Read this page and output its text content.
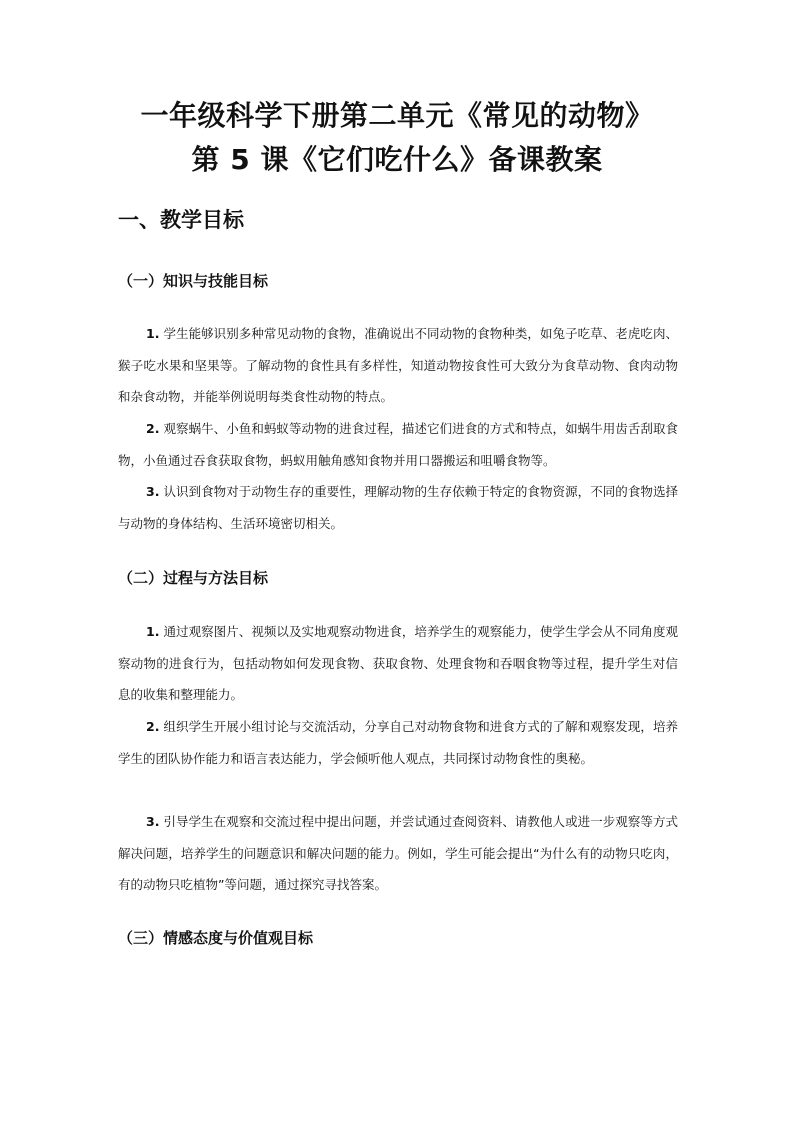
一年级科学下册第二单元《常见的动物》
第 5 课《它们吃什么》备课教案
一、教学目标
（一）知识与技能目标

1. 学生能够识别多种常见动物的食物，准确说出不同动物的食物种类，如兔子吃草、老虎吃肉、猴子吃水果和坚果等。了解动物的食性具有多样性，知道动物按食性可大致分为食草动物、食肉动物和杂食动物，并能举例说明每类食性动物的特点。

2. 观察蜗牛、小鱼和蚂蚁等动物的进食过程，描述它们进食的方式和特点，如蜗牛用齿舌刮取食物，小鱼通过吞食获取食物，蚂蚁用触角感知食物并用口器搬运和咀嚼食物等。

3. 认识到食物对于动物生存的重要性，理解动物的生存依赖于特定的食物资源，不同的食物选择与动物的身体结构、生活环境密切相关。

（二）过程与方法目标

1. 通过观察图片、视频以及实地观察动物进食，培养学生的观察能力，使学生学会从不同角度观察动物的进食行为，包括动物如何发现食物、获取食物、处理食物和吞咽食物等过程，提升学生对信息的收集和整理能力。

2. 组织学生开展小组讨论与交流活动，分享自己对动物食物和进食方式的了解和观察发现，培养学生的团队协作能力和语言表达能力，学会倾听他人观点，共同探讨动物食性的奥秘。

3. 引导学生在观察和交流过程中提出问题，并尝试通过查阅资料、请教他人或进一步观察等方式解决问题，培养学生的问题意识和解决问题的能力。例如，学生可能会提出“为什么有的动物只吃肉，有的动物只吃植物”等问题，通过探究寻找答案。

（三）情感态度与价值观目标
